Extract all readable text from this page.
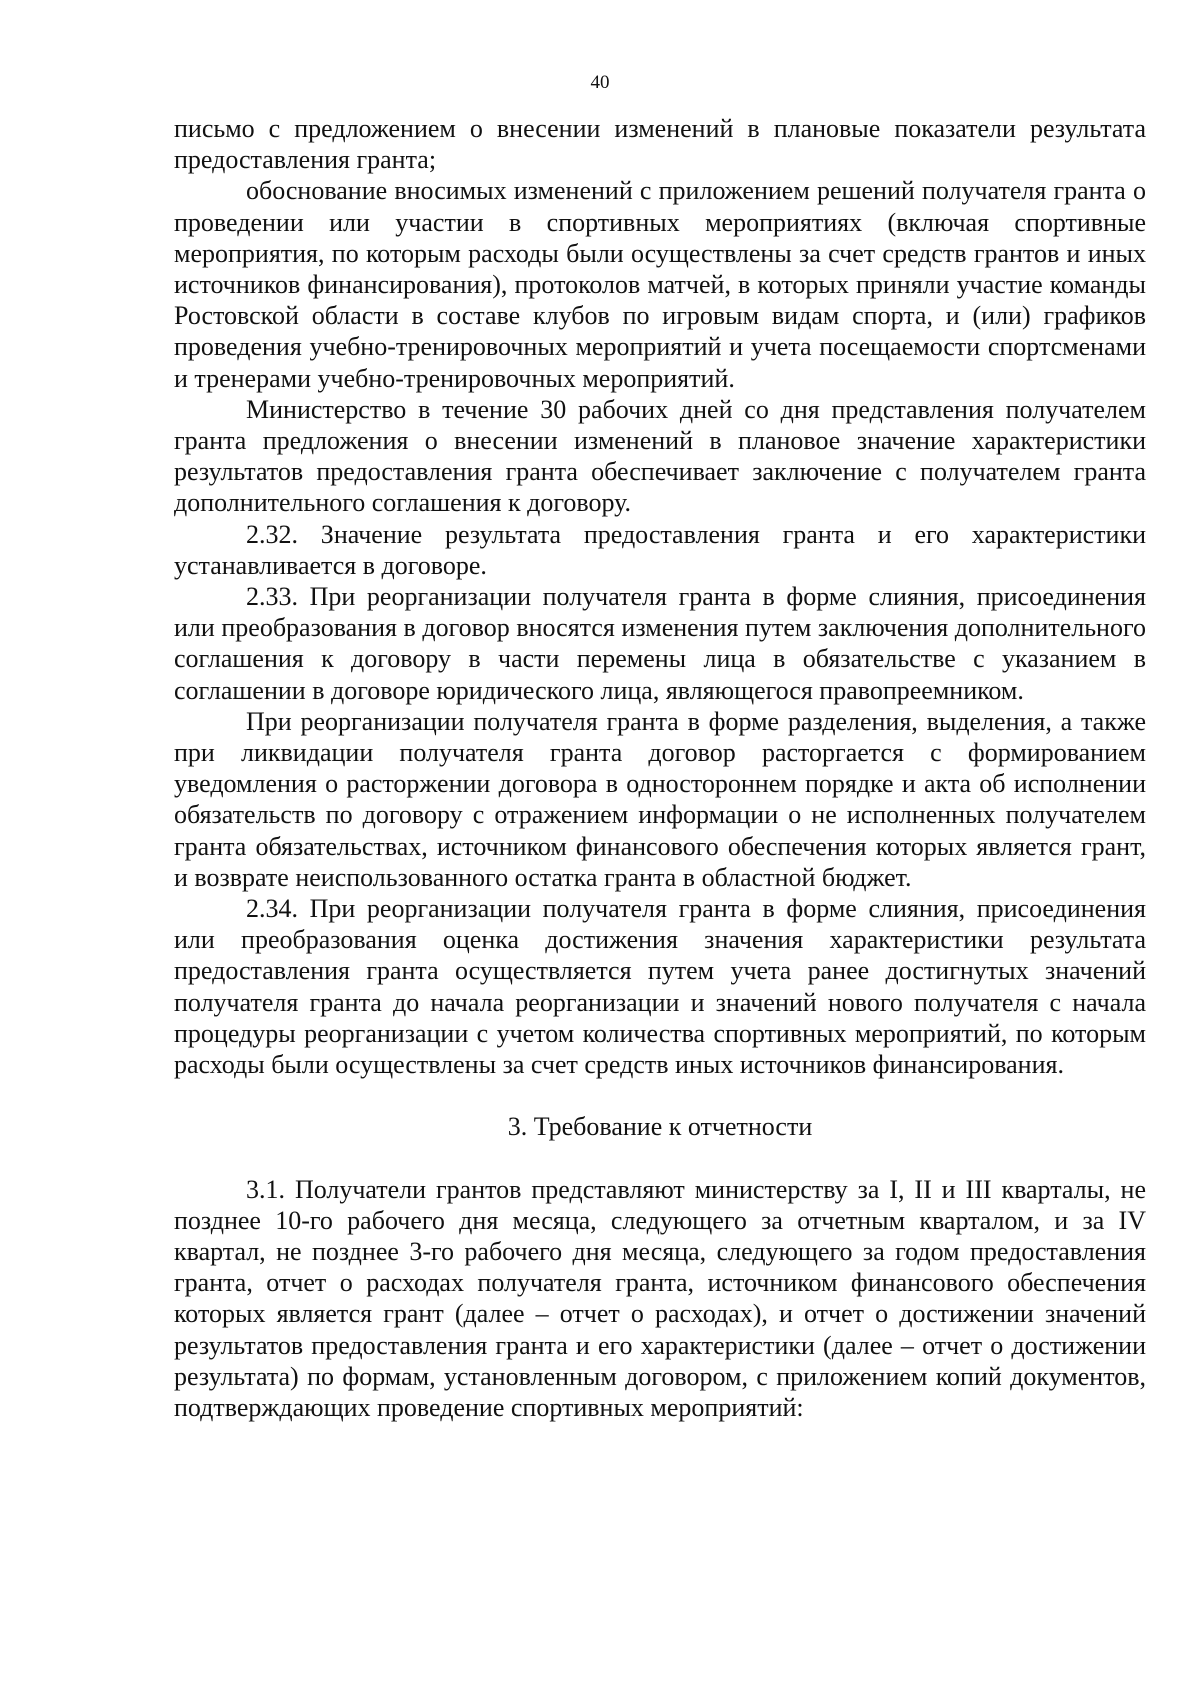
40

письмо с предложением о внесении изменений в плановые показатели результата предоставления гранта;

обоснование вносимых изменений с приложением решений получателя гранта о проведении или участии в спортивных мероприятиях (включая спортивные мероприятия, по которым расходы были осуществлены за счет средств грантов и иных источников финансирования), протоколов матчей, в которых приняли участие команды Ростовской области в составе клубов по игровым видам спорта, и (или) графиков проведения учебно-тренировочных мероприятий и учета посещаемости спортсменами и тренерами учебно-тренировочных мероприятий.

Министерство в течение 30 рабочих дней со дня представления получателем гранта предложения о внесении изменений в плановое значение характеристики результатов предоставления гранта обеспечивает заключение с получателем гранта дополнительного соглашения к договору.

2.32. Значение результата предоставления гранта и его характеристики устанавливается в договоре.

2.33. При реорганизации получателя гранта в форме слияния, присоединения или преобразования в договор вносятся изменения путем заключения дополнительного соглашения к договору в части перемены лица в обязательстве с указанием в соглашении в договоре юридического лица, являющегося правопреемником.

При реорганизации получателя гранта в форме разделения, выделения, а также при ликвидации получателя гранта договор расторгается с формированием уведомления о расторжении договора в одностороннем порядке и акта об исполнении обязательств по договору с отражением информации о не исполненных получателем гранта обязательствах, источником финансового обеспечения которых является грант, и возврате неиспользованного остатка гранта в областной бюджет.

2.34. При реорганизации получателя гранта в форме слияния, присоединения или преобразования оценка достижения значения характеристики результата предоставления гранта осуществляется путем учета ранее достигнутых значений получателя гранта до начала реорганизации и значений нового получателя с начала процедуры реорганизации с учетом количества спортивных мероприятий, по которым расходы были осуществлены за счет средств иных источников финансирования.

3. Требование к отчетности

3.1. Получатели грантов представляют министерству за I, II и III кварталы, не позднее 10-го рабочего дня месяца, следующего за отчетным кварталом, и за IV квартал, не позднее 3-го рабочего дня месяца, следующего за годом предоставления гранта, отчет о расходах получателя гранта, источником финансового обеспечения которых является грант (далее – отчет о расходах), и отчет о достижении значений результатов предоставления гранта и его характеристики (далее – отчет о достижении результата) по формам, установленным договором, с приложением копий документов, подтверждающих проведение спортивных мероприятий:
